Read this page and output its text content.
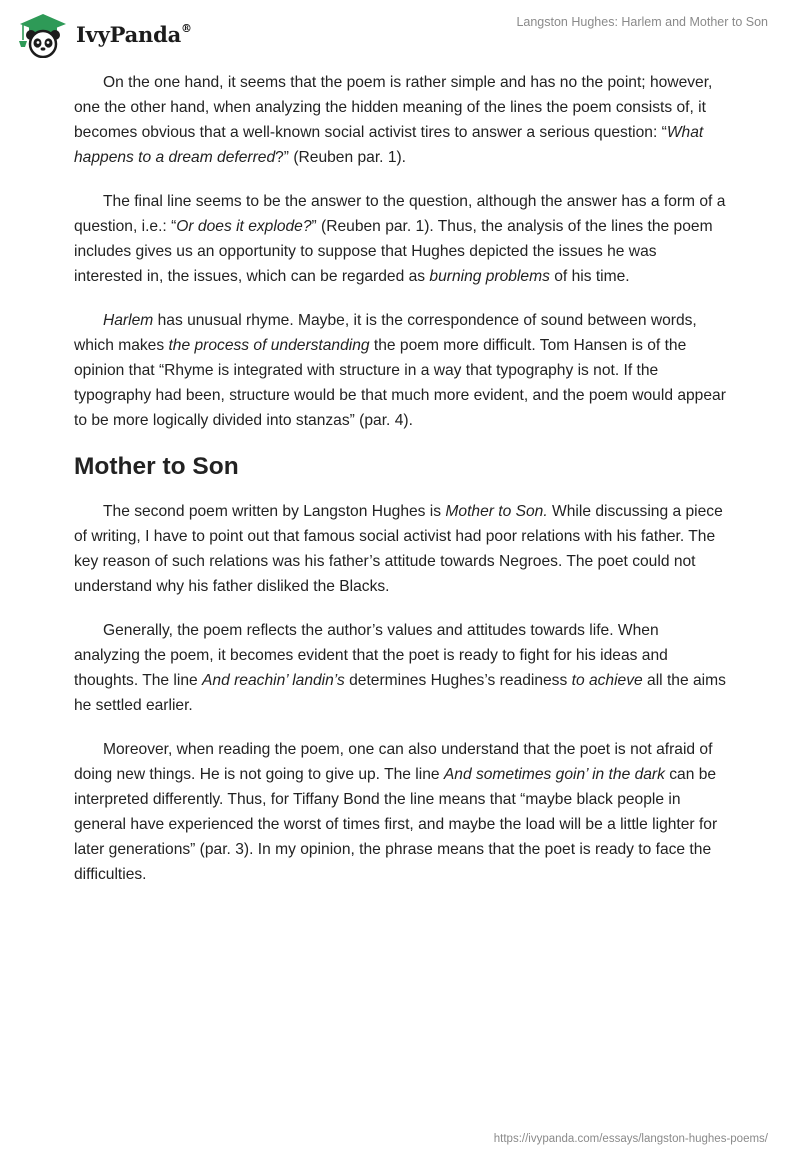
IvyPanda®	Langston Hughes: Harlem and Mother to Son

On the one hand, it seems that the poem is rather simple and has no the point; however, one the other hand, when analyzing the hidden meaning of the lines the poem consists of, it becomes obvious that a well-known social activist tires to answer a serious question: “What happens to a dream deferred?” (Reuben par. 1).

The final line seems to be the answer to the question, although the answer has a form of a question, i.e.: “Or does it explode?” (Reuben par. 1). Thus, the analysis of the lines the poem includes gives us an opportunity to suppose that Hughes depicted the issues he was interested in, the issues, which can be regarded as burning problems of his time.

Harlem has unusual rhyme. Maybe, it is the correspondence of sound between words, which makes the process of understanding the poem more difficult. Tom Hansen is of the opinion that “Rhyme is integrated with structure in a way that typography is not. If the typography had been, structure would be that much more evident, and the poem would appear to be more logically divided into stanzas” (par. 4).

Mother to Son

The second poem written by Langston Hughes is Mother to Son. While discussing a piece of writing, I have to point out that famous social activist had poor relations with his father. The key reason of such relations was his father’s attitude towards Negroes. The poet could not understand why his father disliked the Blacks.

Generally, the poem reflects the author’s values and attitudes towards life. When analyzing the poem, it becomes evident that the poet is ready to fight for his ideas and thoughts. The line And reachin’ landin’s determines Hughes’s readiness to achieve all the aims he settled earlier.

Moreover, when reading the poem, one can also understand that the poet is not afraid of doing new things. He is not going to give up. The line And sometimes goin’ in the dark can be interpreted differently. Thus, for Tiffany Bond the line means that “maybe black people in general have experienced the worst of times first, and maybe the load will be a little lighter for later generations” (par. 3). In my opinion, the phrase means that the poet is ready to face the difficulties.

https://ivypanda.com/essays/langston-hughes-poems/
